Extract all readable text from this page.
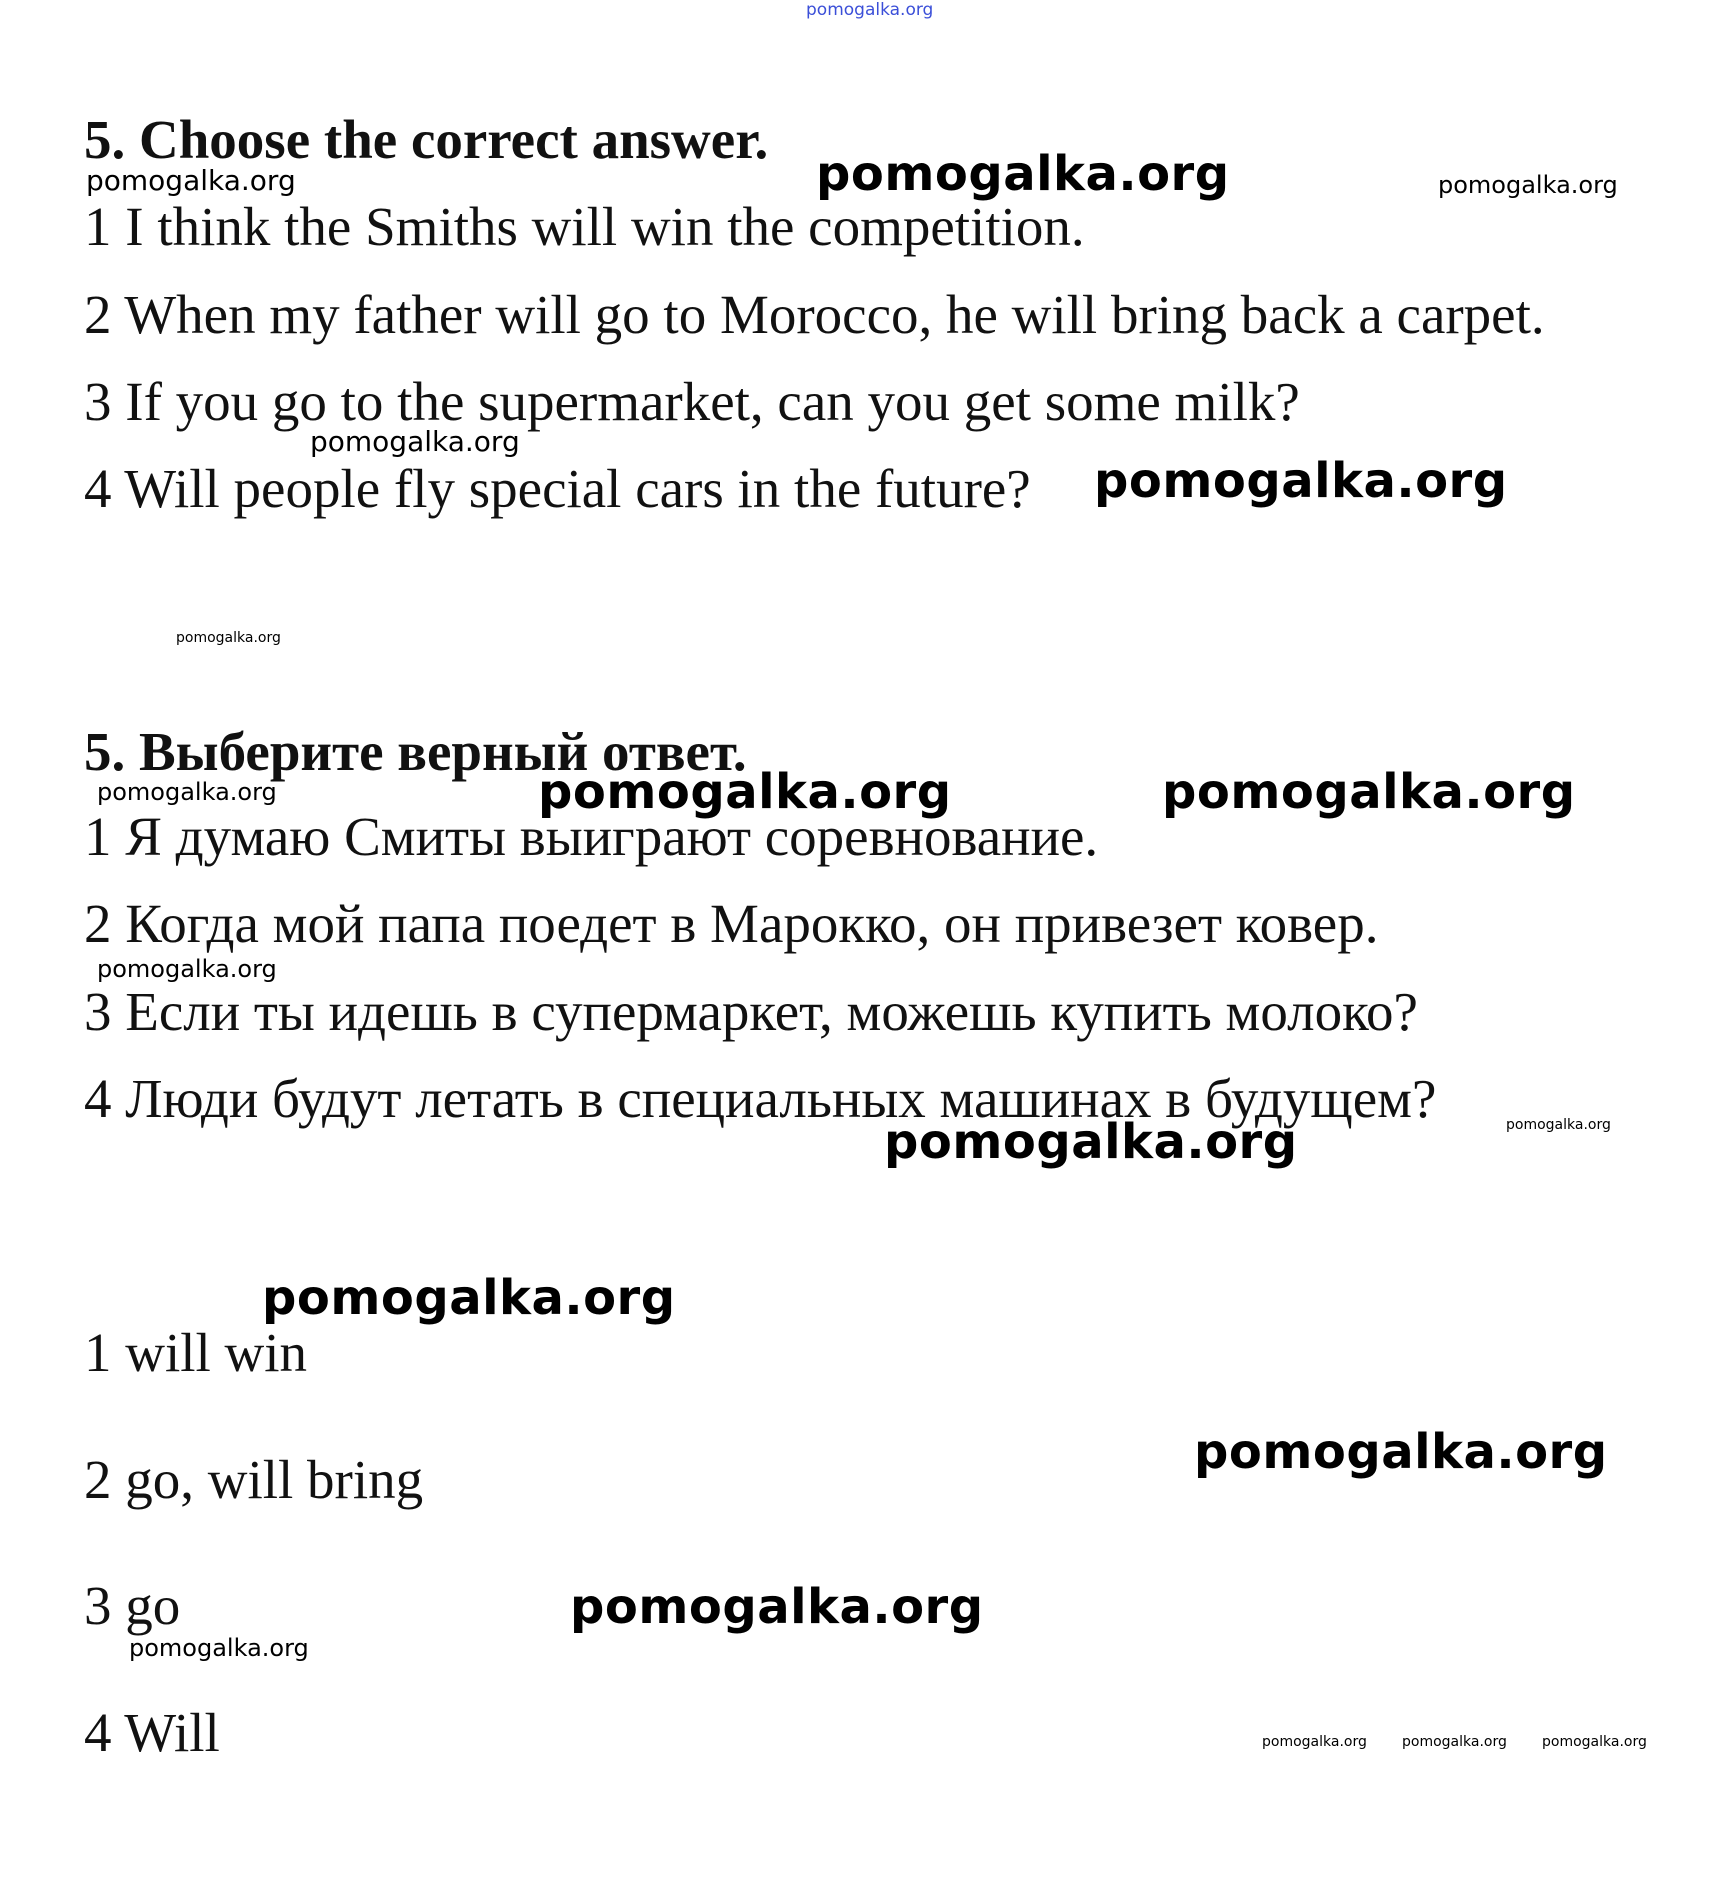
pomogalka.org
5. Choose the correct answer.
1 I think the Smiths will win the competition.
2 When my father will go to Morocco, he will bring back a carpet.
3 If you go to the supermarket, can you get some milk?
4 Will people fly special cars in the future?
5. Выберите верный ответ.
1 Я думаю Смиты выиграют соревнование.
2 Когда мой папа поедет в Марокко, он привезет ковер.
3 Если ты идешь в супермаркет, можешь купить молоко?
4 Люди будут летать в специальных машинах в будущем?
1 will win
2 go, will bring
3 go
4 Will
pomogalka.org
pomogalka.org
pomogalka.org	pomogalka.org
pomogalka.org
pomogalka.org
pomogalka.org
pomogalka.org
pomogalka.org	pomogalka.org
pomogalka.org
pomogalka.org
pomogalka.org
pomogalka.org
pomogalka.org
pomogalka.org
pomogalka.org	pomogalka.org	pomogalka.org
